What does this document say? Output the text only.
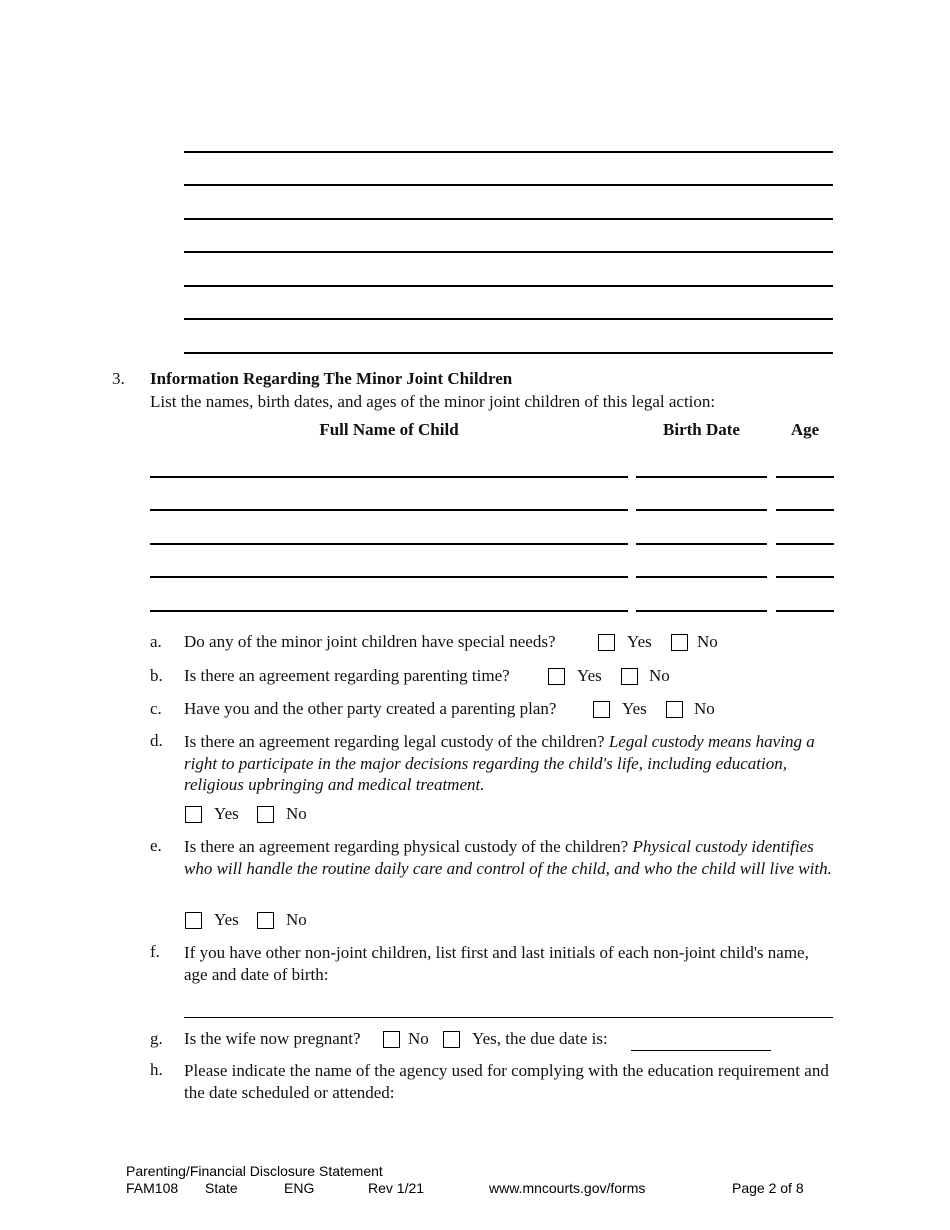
3. Information Regarding The Minor Joint Children
List the names, birth dates, and ages of the minor joint children of this legal action:
Full Name of Child	Birth Date	Age
a. Do any of the minor joint children have special needs?	Yes	No
b. Is there an agreement regarding parenting time?	Yes	No
c. Have you and the other party created a parenting plan?	Yes	No
d. Is there an agreement regarding legal custody of the children? Legal custody means having a right to participate in the major decisions regarding the child's life, including education, religious upbringing and medical treatment.
Yes	No
e. Is there an agreement regarding physical custody of the children? Physical custody identifies who will handle the routine daily care and control of the child, and who the child will live with.
Yes	No
f. If you have other non-joint children, list first and last initials of each non-joint child's name, age and date of birth:
g. Is the wife now pregnant?	No	Yes, the due date is:
h. Please indicate the name of the agency used for complying with the education requirement and the date scheduled or attended:
Parenting/Financial Disclosure Statement
FAM108 State	ENG	Rev 1/21	www.mncourts.gov/forms	Page 2 of 8
